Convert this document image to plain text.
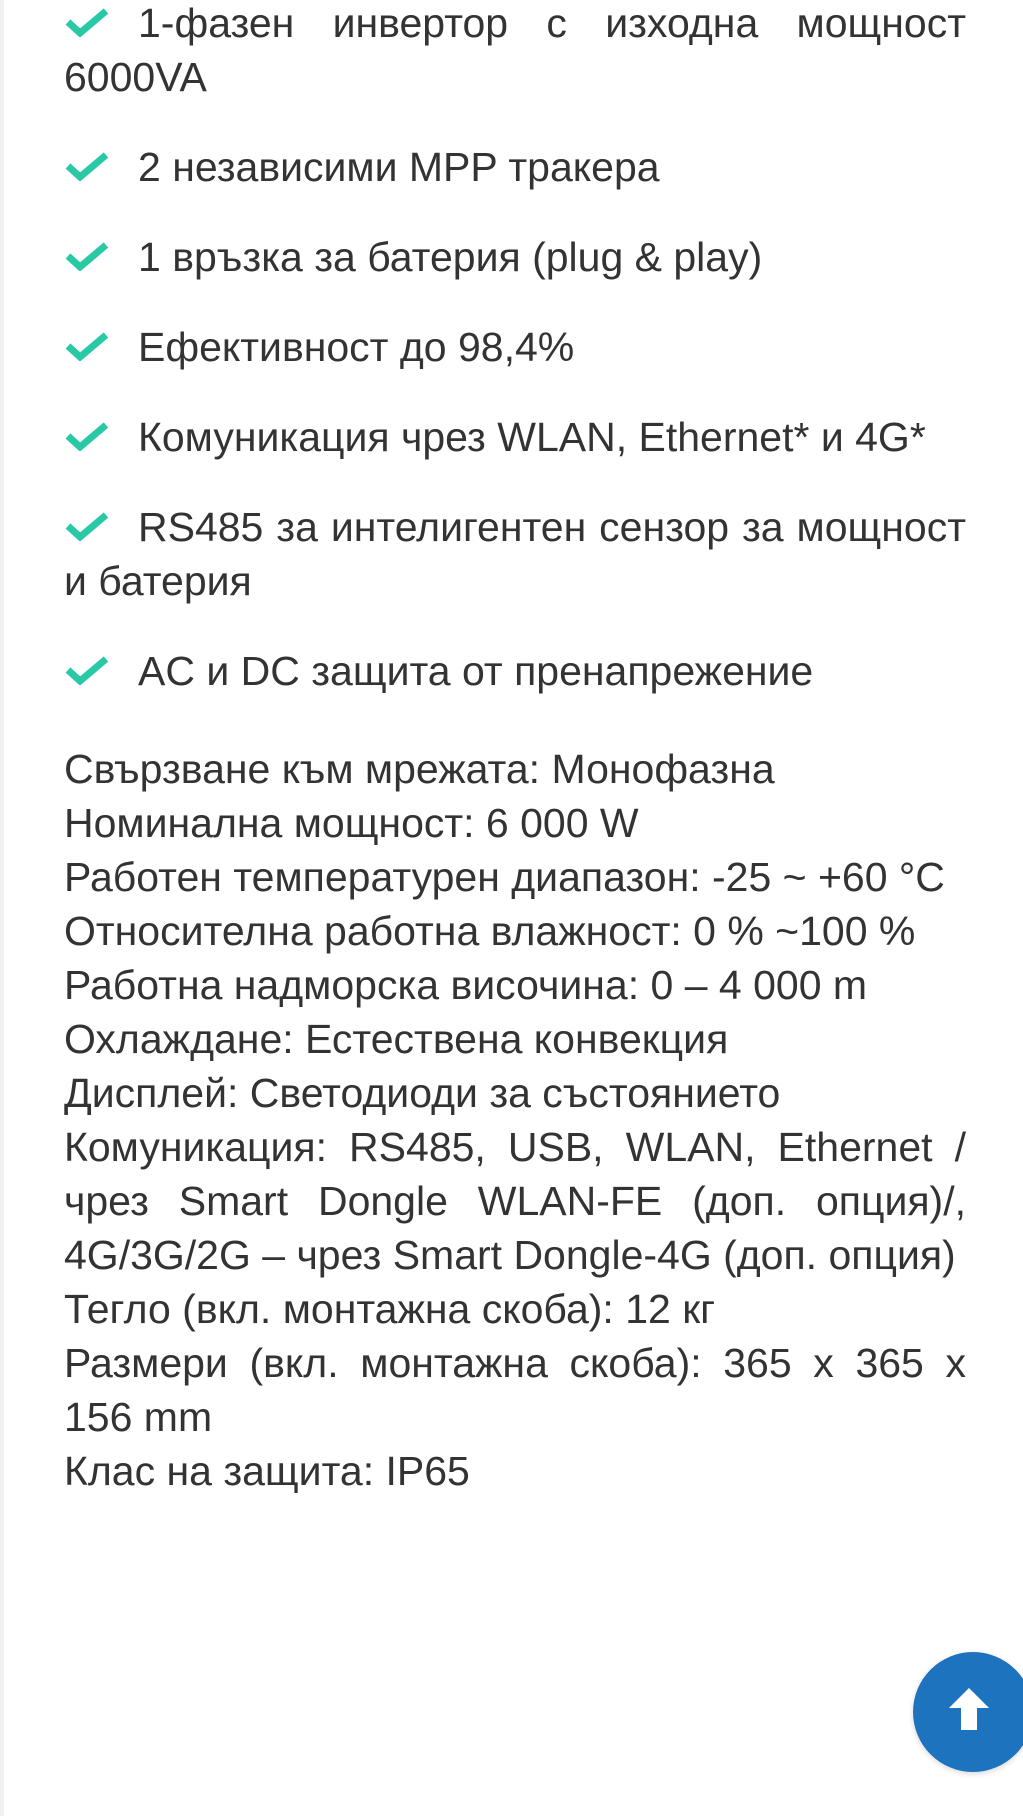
1-фазен инвертор с изходна мощност 6000VA
2 независими MPP тракера
1 връзка за батерия (plug & play)
Ефективност до 98,4%
Комуникация чрез WLAN, Ethernet* и 4G*
RS485 за интелигентен сензор за мощност и батерия
AC и DC защита от пренапрежение

Свързване към мрежата: Монофазна

Номинална мощност: 6 000 W

Работен температурен диапазон: -25 ~ +60 °C

Относителна работна влажност: 0 % ~100 %

Работна надморска височина: 0 – 4 000 m

Охлаждане: Естествена конвекция

Дисплей: Светодиоди за състоянието

Комуникация: RS485, USB, WLAN, Ethernet /чрез Smart Dongle WLAN-FE (доп. опция)/, 4G/3G/2G – чрез Smart Dongle-4G (доп. опция)

Тегло (вкл. монтажна скоба): 12 кг

Размери (вкл. монтажна скоба): 365 x 365 x 156 mm

Клас на защита: IP65
